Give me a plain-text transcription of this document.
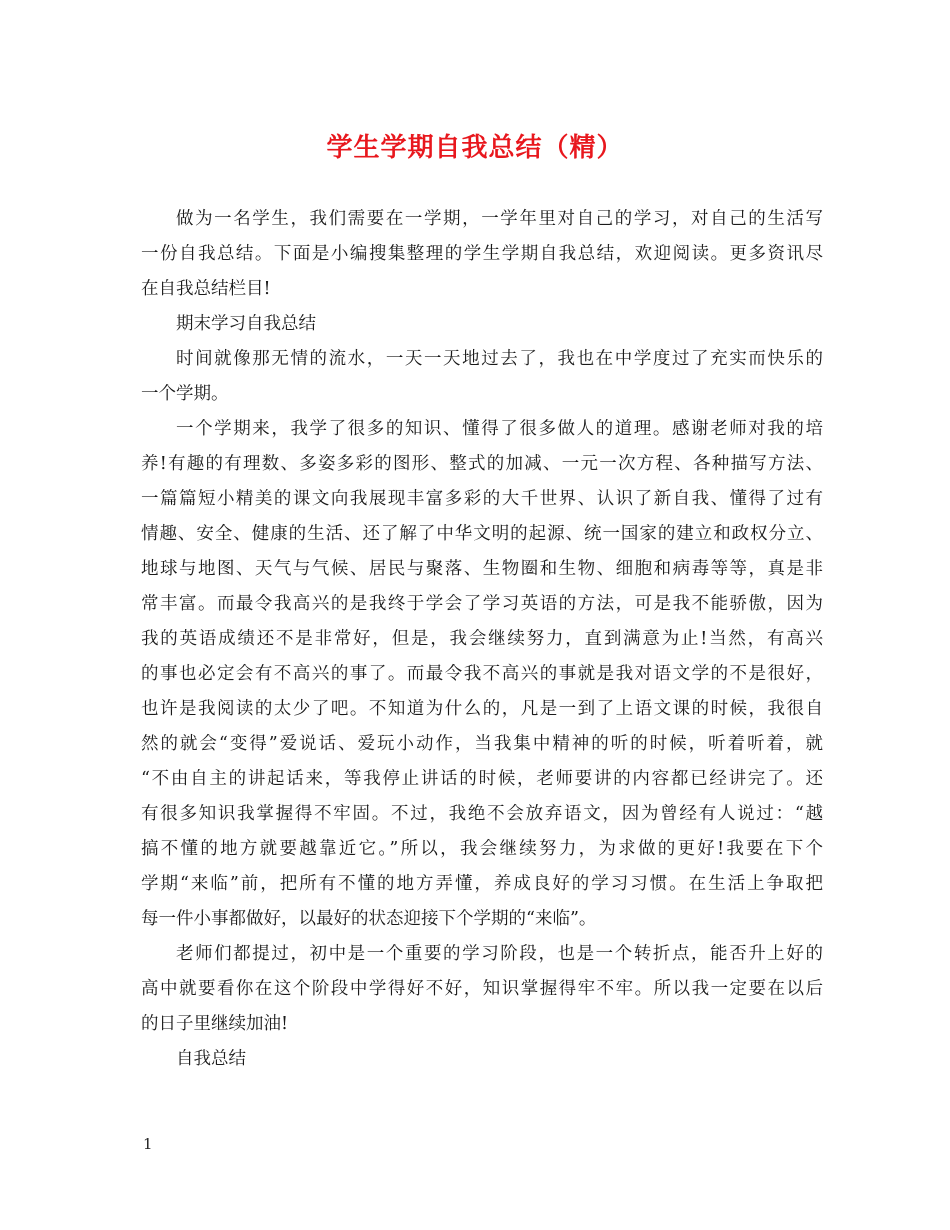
学生学期自我总结（精）
做为一名学生，我们需要在一学期，一学年里对自己的学习，对自己的生活写
一份自我总结。下面是小编搜集整理的学生学期自我总结，欢迎阅读。更多资讯尽
在自我总结栏目!
期末学习自我总结
时间就像那无情的流水，一天一天地过去了，我也在中学度过了充实而快乐的
一个学期。
一个学期来，我学了很多的知识、懂得了很多做人的道理。感谢老师对我的培
养!有趣的有理数、多姿多彩的图形、整式的加减、一元一次方程、各种描写方法、
一篇篇短小精美的课文向我展现丰富多彩的大千世界、认识了新自我、懂得了过有
情趣、安全、健康的生活、还了解了中华文明的起源、统一国家的建立和政权分立、
地球与地图、天气与气候、居民与聚落、生物圈和生物、细胞和病毒等等，真是非
常丰富。而最令我高兴的是我终于学会了学习英语的方法，可是我不能骄傲，因为
我的英语成绩还不是非常好，但是，我会继续努力，直到满意为止!当然，有高兴
的事也必定会有不高兴的事了。而最令我不高兴的事就是我对语文学的不是很好，
也许是我阅读的太少了吧。不知道为什么的，凡是一到了上语文课的时候，我很自
然的就会“变得”爱说话、爱玩小动作，当我集中精神的听的时候，听着听着，就
“不由自主的讲起话来，等我停止讲话的时候，老师要讲的内容都已经讲完了。还
有很多知识我掌握得不牢固。不过，我绝不会放弃语文，因为曾经有人说过：“越
搞不懂的地方就要越靠近它。”所以，我会继续努力，为求做的更好!我要在下个
学期“来临”前，把所有不懂的地方弄懂，养成良好的学习习惯。在生活上争取把
每一件小事都做好，以最好的状态迎接下个学期的“来临”。
老师们都提过，初中是一个重要的学习阶段，也是一个转折点，能否升上好的
高中就要看你在这个阶段中学得好不好，知识掌握得牢不牢。所以我一定要在以后
的日子里继续加油!
自我总结
1
